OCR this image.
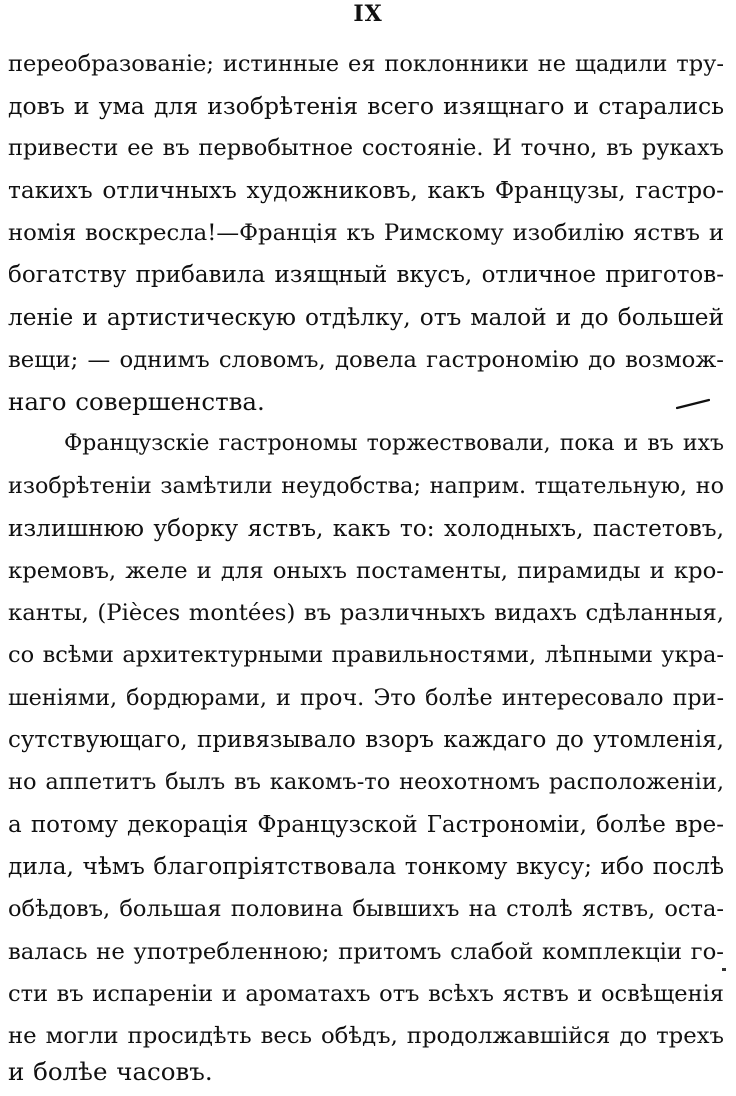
IX
переобразованіе; истинные ея поклонники не щадили тру-
довъ и ума для изобрѣтенія всего изящнаго и старались
привести ее въ первобытное состояніе. И точно, въ рукахъ
такихъ отличныхъ художниковъ, какъ Французы, гастро-
номія воскресла!—Франція къ Римскому изобилію яствъ и
богатству прибавила изящный вкусъ, отличное приготов-
леніе и артистическую отдѣлку, отъ малой и до большей
вещи; — однимъ словомъ, довела гастрономію до возмож-
наго совершенства.
Французскіе гастрономы торжествовали, пока и въ ихъ
изобрѣтеніи замѣтили неудобства; наприм. тщательную, но
излишнюю уборку яствъ, какъ то: холодныхъ, пастетовъ,
кремовъ, желе и для оныхъ постаменты, пирамиды и кро-
канты, (Pièces montées) въ различныхъ видахъ сдѣланныя,
со всѣми архитектурными правильностями, лѣпными укра-
шеніями, бордюрами, и проч. Это болѣе интересовало при-
сутствующаго, привязывало взоръ каждаго до утомленія,
но аппетитъ былъ въ какомъ-то неохотномъ расположеніи,
а потому декорація Французской Гастрономіи, болѣе вре-
дила, чѣмъ благопріятствовала тонкому вкусу; ибо послѣ
обѣдовъ, большая половина бывшихъ на столѣ яствъ, оста-
валась не употребленною; притомъ слабой комплекціи го-
сти въ испареніи и ароматахъ отъ всѣхъ яствъ и освѣщенія
не могли просидѣть весь обѣдъ, продолжавшійся до трехъ
и болѣе часовъ.
